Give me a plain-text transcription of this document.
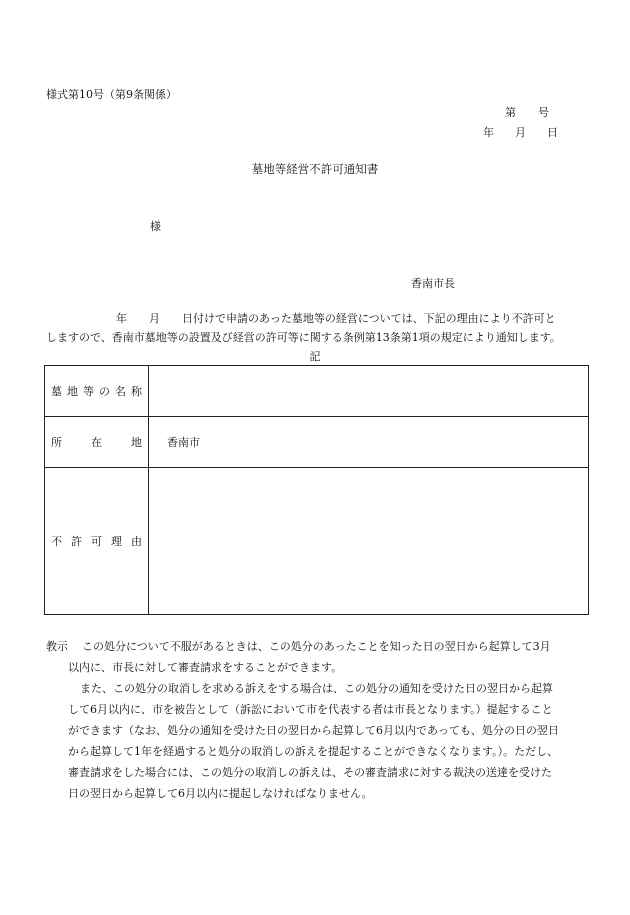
様式第10号（第9条関係）
第 号
年 月 日
墓地等経営不許可通知書
様
香南市長
年 月 日付けで申請のあった墓地等の経営については、下記の理由により不許可と
しますので、香南市墓地等の設置及び経営の許可等に関する条例第13条第1項の規定により通知します。
記
墓地等の名称	
所在地	香南市
不許可理由	
教示 この処分について不服があるときは、この処分のあったことを知った日の翌日から起算して3月
以内に、市長に対して審査請求をすることができます。
また、この処分の取消しを求める訴えをする場合は、この処分の通知を受けた日の翌日から起算
して6月以内に、市を被告として（訴訟において市を代表する者は市長となります。）提起すること
ができます（なお、処分の通知を受けた日の翌日から起算して6月以内であっても、処分の日の翌日
から起算して1年を経過すると処分の取消しの訴えを提起することができなくなります。）。ただし、
審査請求をした場合には、この処分の取消しの訴えは、その審査請求に対する裁決の送達を受けた
日の翌日から起算して6月以内に提起しなければなりません。
